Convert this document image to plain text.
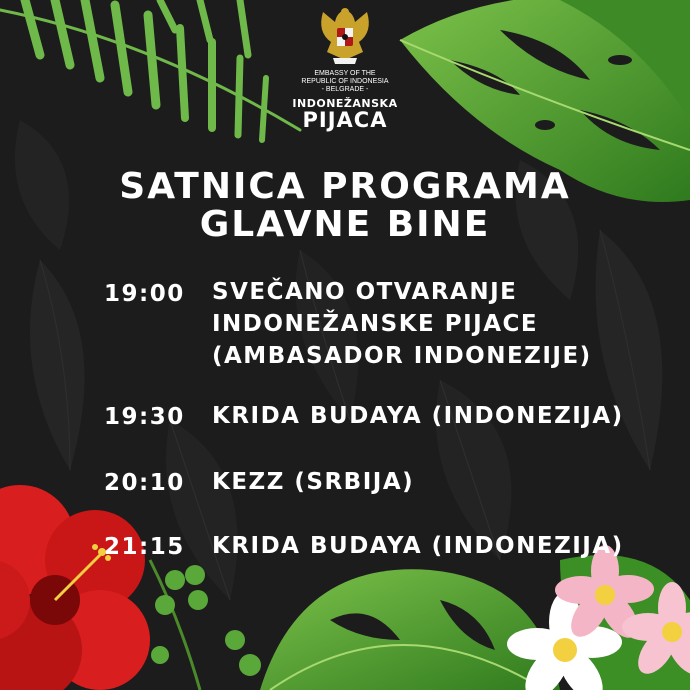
EMBASSY OF THE
REPUBLIC OF INDONESIA
- BELGRADE -
INDONEŽANSKA
PIJACA
SATNICA PROGRAMA
GLAVNE BINE
19:00 SVEČANO OTVARANJE
INDONEŽANSKE PIJACE
(AMBASADOR INDONEZIJE)
19:30 KRIDA BUDAYA (INDONEZIJA)
20:10 KEZZ (SRBIJA)
21:15 KRIDA BUDAYA (INDONEZIJA)
